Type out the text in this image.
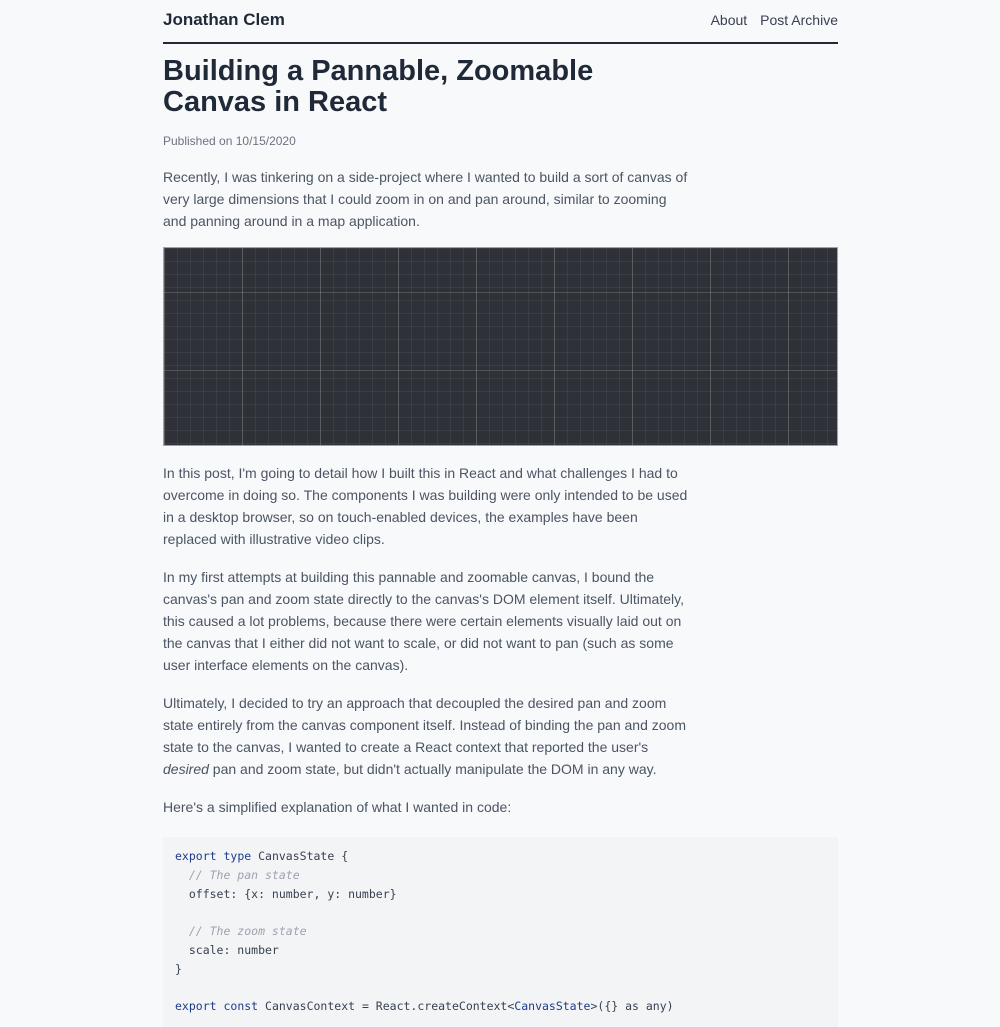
Jonathan Clem	About Post Archive
Building a Pannable, Zoomable Canvas in React
Published on 10/15/2020

Recently, I was tinkering on a side-project where I wanted to build a sort of canvas of very large dimensions that I could zoom in on and pan around, similar to zooming and panning around in a map application.

In this post, I'm going to detail how I built this in React and what challenges I had to overcome in doing so. The components I was building were only intended to be used in a desktop browser, so on touch-enabled devices, the examples have been replaced with illustrative video clips.

In my first attempts at building this pannable and zoomable canvas, I bound the canvas's pan and zoom state directly to the canvas's DOM element itself. Ultimately, this caused a lot problems, because there were certain elements visually laid out on the canvas that I either did not want to scale, or did not want to pan (such as some user interface elements on the canvas).

Ultimately, I decided to try an approach that decoupled the desired pan and zoom state entirely from the canvas component itself. Instead of binding the pan and zoom state to the canvas, I wanted to create a React context that reported the user's desired pan and zoom state, but didn't actually manipulate the DOM in any way.

Here's a simplified explanation of what I wanted in code:

export type CanvasState {
// The pan state
offset: {x: number, y: number}
// The zoom state
scale: number
}
export const CanvasContext = React.createContext<CanvasState>({} as any)
